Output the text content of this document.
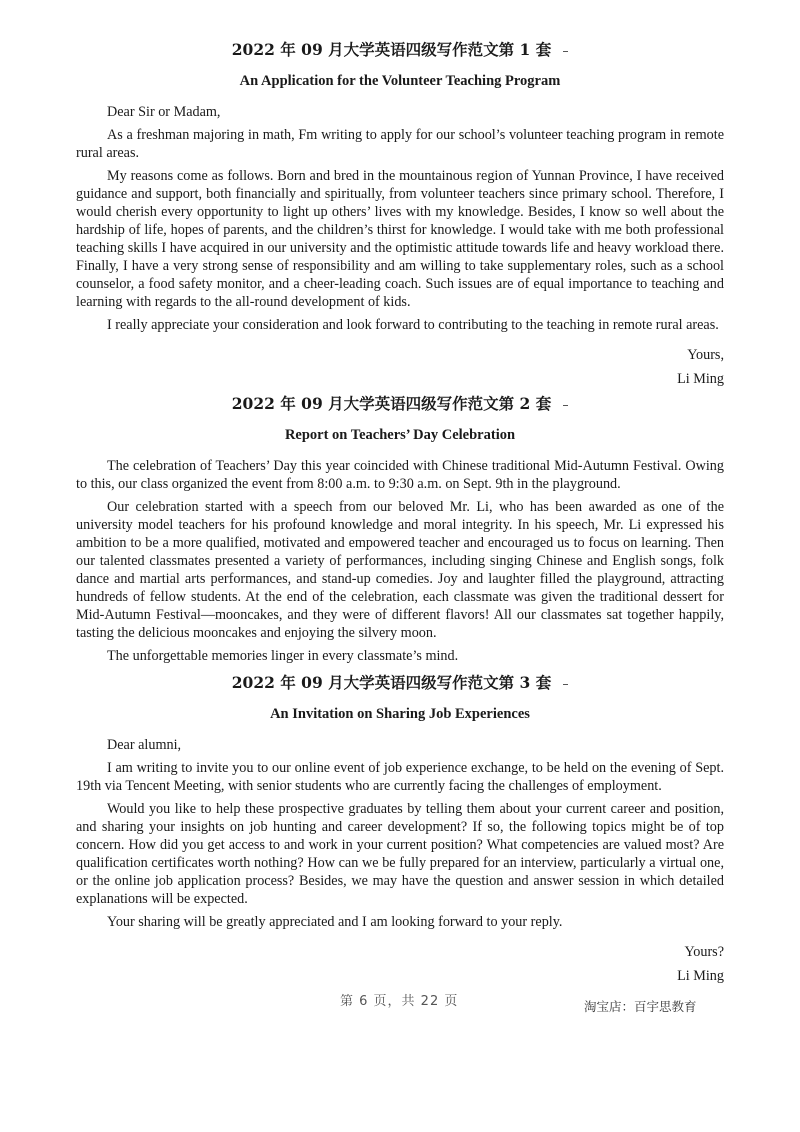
2022 年 09 月大学英语四级写作范文第 1 套
An Application for the Volunteer Teaching Program

Dear Sir or Madam,

As a freshman majoring in math, Fm writing to apply for our school’s volunteer teaching program in remote rural areas.

My reasons come as follows. Born and bred in the mountainous region of Yunnan Province, I have received guidance and support, both financially and spiritually, from volunteer teachers since primary school. Therefore, I would cherish every opportunity to light up others’ lives with my knowledge. Besides, I know so well about the hardship of life, hopes of parents, and the children’s thirst for knowledge. I would take with me both professional teaching skills I have acquired in our university and the optimistic attitude towards life and heavy workload there. Finally, I have a very strong sense of responsibility and am willing to take supplementary roles, such as a school counselor, a food safety monitor, and a cheer-leading coach. Such issues are of equal importance to teaching and learning with regards to the all-round development of kids.

I really appreciate your consideration and look forward to contributing to the teaching in remote rural areas.

Yours,
Li Ming
2022 年 09 月大学英语四级写作范文第 2 套
Report on Teachers’ Day Celebration

The celebration of Teachers’ Day this year coincided with Chinese traditional Mid-Autumn Festival. Owing to this, our class organized the event from 8:00 a.m. to 9:30 a.m. on Sept. 9th in the playground.

Our celebration started with a speech from our beloved Mr. Li, who has been awarded as one of the university model teachers for his profound knowledge and moral integrity. In his speech, Mr. Li expressed his ambition to be a more qualified, motivated and empowered teacher and encouraged us to focus on learning. Then our talented classmates presented a variety of performances, including singing Chinese and English songs, folk dance and martial arts performances, and stand-up comedies. Joy and laughter filled the playground, attracting hundreds of fellow students. At the end of the celebration, each classmate was given the traditional dessert for Mid-Autumn Festival—mooncakes, and they were of different flavors! All our classmates sat together happily, tasting the delicious mooncakes and enjoying the silvery moon.

The unforgettable memories linger in every classmate’s mind.

2022 年 09 月大学英语四级写作范文第 3 套
An Invitation on Sharing Job Experiences

Dear alumni,

I am writing to invite you to our online event of job experience exchange, to be held on the evening of Sept. 19th via Tencent Meeting, with senior students who are currently facing the challenges of employment.

Would you like to help these prospective graduates by telling them about your current career and position, and sharing your insights on job hunting and career development? If so, the following topics might be of top concern. How did you get access to and work in your current position? What competencies are valued most? Are qualification certificates worth nothing? How can we be fully prepared for an interview, particularly a virtual one, or the online job application process? Besides, we may have the question and answer session in which detailed explanations will be expected.

Your sharing will be greatly appreciated and I am looking forward to your reply.

Yours?
Li Ming
第 6 页，共 22 页	淘宝店：百宇思教育
